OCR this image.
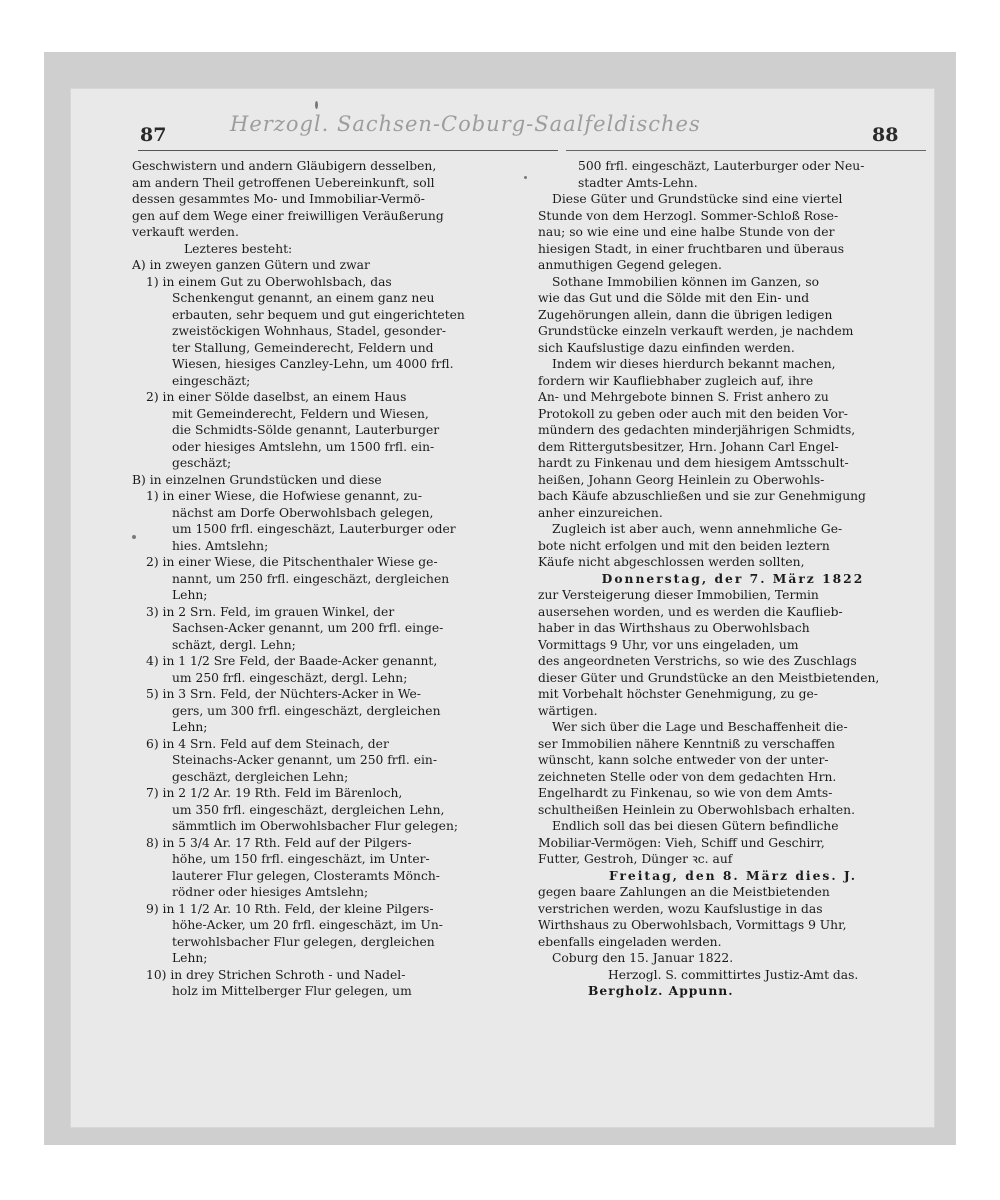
Herzogl. Sachsen-Coburg-Saalfeldisches
87	88
Geschwistern und andern Gläubigern desselben,
am andern Theil getroffenen Uebereinkunft, soll
dessen gesammtes Mo- und Immobiliar-Vermö-
gen auf dem Wege einer freiwilligen Veräußerung
verkauft werden.
Lezteres besteht:
A) in zweyen ganzen Gütern und zwar
1) in einem Gut zu Oberwohlsbach, das
Schenkengut genannt, an einem ganz neu
erbauten, sehr bequem und gut eingerichteten
zweistöckigen Wohnhaus, Stadel, gesonder-
ter Stallung, Gemeinderecht, Feldern und
Wiesen, hiesiges Canzley-Lehn, um 4000 frfl.
eingeschäzt;
2) in einer Sölde daselbst, an einem Haus
mit Gemeinderecht, Feldern und Wiesen,
die Schmidts-Sölde genannt, Lauterburger
oder hiesiges Amtslehn, um 1500 frfl. ein-
geschäzt;
B) in einzelnen Grundstücken und diese
1) in einer Wiese, die Hofwiese genannt, zu-
nächst am Dorfe Oberwohlsbach gelegen,
um 1500 frfl. eingeschäzt, Lauterburger oder
hies. Amtslehn;
2) in einer Wiese, die Pitschenthaler Wiese ge-
nannt, um 250 frfl. eingeschäzt, dergleichen
Lehn;
3) in 2 Srn. Feld, im grauen Winkel, der
Sachsen-Acker genannt, um 200 frfl. einge-
schäzt, dergl. Lehn;
4) in 1 1/2 Sre Feld, der Baade-Acker genannt,
um 250 frfl. eingeschäzt, dergl. Lehn;
5) in 3 Srn. Feld, der Nüchters-Acker in We-
gers, um 300 frfl. eingeschäzt, dergleichen
Lehn;
6) in 4 Srn. Feld auf dem Steinach, der
Steinachs-Acker genannt, um 250 frfl. ein-
geschäzt, dergleichen Lehn;
7) in 2 1/2 Ar. 19 Rth. Feld im Bärenloch,
um 350 frfl. eingeschäzt, dergleichen Lehn,
sämmtlich im Oberwohlsbacher Flur gelegen;
8) in 5 3/4 Ar. 17 Rth. Feld auf der Pilgers-
höhe, um 150 frfl. eingeschäzt, im Unter-
lauterer Flur gelegen, Closteramts Mönch-
rödner oder hiesiges Amtslehn;
9) in 1 1/2 Ar. 10 Rth. Feld, der kleine Pilgers-
höhe-Acker, um 20 frfl. eingeschäzt, im Un-
terwohlsbacher Flur gelegen, dergleichen
Lehn;
10) in drey Strichen Schroth - und Nadel-
holz im Mittelberger Flur gelegen, um
500 frfl. eingeschäzt, Lauterburger oder Neu-
stadter Amts-Lehn.
Diese Güter und Grundstücke sind eine viertel
Stunde von dem Herzogl. Sommer-Schloß Rose-
nau; so wie eine und eine halbe Stunde von der
hiesigen Stadt, in einer fruchtbaren und überaus
anmuthigen Gegend gelegen.
Sothane Immobilien können im Ganzen, so
wie das Gut und die Sölde mit den Ein- und
Zugehörungen allein, dann die übrigen ledigen
Grundstücke einzeln verkauft werden, je nachdem
sich Kaufslustige dazu einfinden werden.
Indem wir dieses hierdurch bekannt machen,
fordern wir Kaufliebhaber zugleich auf, ihre
An- und Mehrgebote binnen S. Frist anhero zu
Protokoll zu geben oder auch mit den beiden Vor-
mündern des gedachten minderjährigen Schmidts,
dem Rittergutsbesitzer, Hrn. Johann Carl Engel-
hardt zu Finkenau und dem hiesigem Amtsschult-
heißen, Johann Georg Heinlein zu Oberwohls-
bach Käufe abzuschließen und sie zur Genehmigung
anher einzureichen.
Zugleich ist aber auch, wenn annehmliche Ge-
bote nicht erfolgen und mit den beiden leztern
Käufe nicht abgeschlossen werden sollten,
Donnerstag, der 7. März 1822
zur Versteigerung dieser Immobilien, Termin
ausersehen worden, und es werden die Kauflieb-
haber in das Wirthshaus zu Oberwohlsbach
Vormittags 9 Uhr, vor uns eingeladen, um
des angeordneten Verstrichs, so wie des Zuschlags
dieser Güter und Grundstücke an den Meistbietenden,
mit Vorbehalt höchster Genehmigung, zu ge-
wärtigen.
Wer sich über die Lage und Beschaffenheit die-
ser Immobilien nähere Kenntniß zu verschaffen
wünscht, kann solche entweder von der unter-
zeichneten Stelle oder von dem gedachten Hrn.
Engelhardt zu Finkenau, so wie von dem Amts-
schultheißen Heinlein zu Oberwohlsbach erhalten.
Endlich soll das bei diesen Gütern befindliche
Mobiliar-Vermögen: Vieh, Schiff und Geschirr,
Futter, Gestroh, Dünger ꝛc. auf
Freitag, den 8. März dies. J.
gegen baare Zahlungen an die Meistbietenden
verstrichen werden, wozu Kaufslustige in das
Wirthshaus zu Oberwohlsbach, Vormittags 9 Uhr,
ebenfalls eingeladen werden.
Coburg den 15. Januar 1822.
Herzogl. S. committirtes Justiz-Amt das.
Bergholz. Appunn.
